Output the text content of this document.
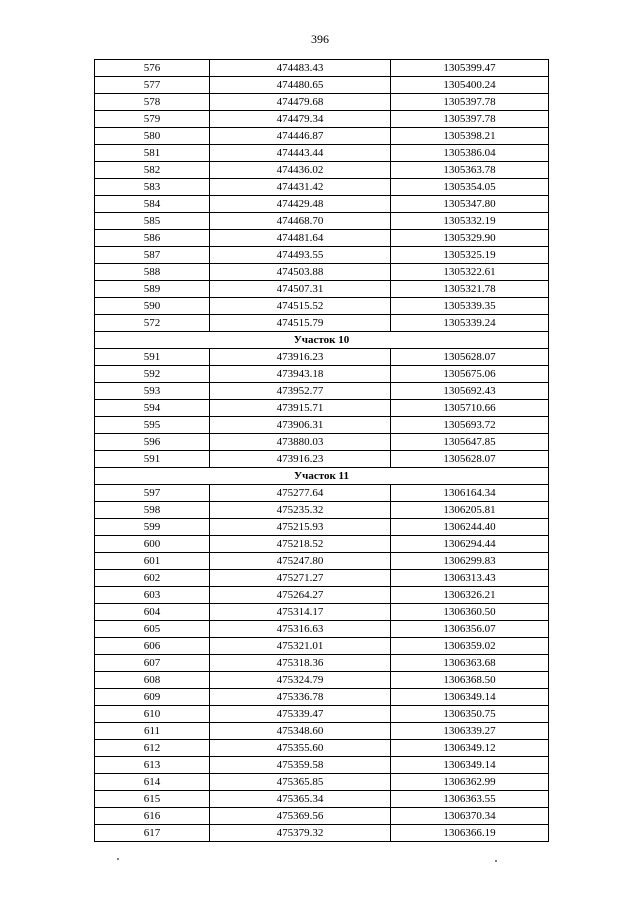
396
576	474483.43	1305399.47
577	474480.65	1305400.24
578	474479.68	1305397.78
579	474479.34	1305397.78
580	474446.87	1305398.21
581	474443.44	1305386.04
582	474436.02	1305363.78
583	474431.42	1305354.05
584	474429.48	1305347.80
585	474468.70	1305332.19
586	474481.64	1305329.90
587	474493.55	1305325.19
588	474503.88	1305322.61
589	474507.31	1305321.78
590	474515.52	1305339.35
572	474515.79	1305339.24
Участок 10		
591	473916.23	1305628.07
592	473943.18	1305675.06
593	473952.77	1305692.43
594	473915.71	1305710.66
595	473906.31	1305693.72
596	473880.03	1305647.85
591	473916.23	1305628.07
Участок 11		
597	475277.64	1306164.34
598	475235.32	1306205.81
599	475215.93	1306244.40
600	475218.52	1306294.44
601	475247.80	1306299.83
602	475271.27	1306313.43
603	475264.27	1306326.21
604	475314.17	1306360.50
605	475316.63	1306356.07
606	475321.01	1306359.02
607	475318.36	1306363.68
608	475324.79	1306368.50
609	475336.78	1306349.14
610	475339.47	1306350.75
611	475348.60	1306339.27
612	475355.60	1306349.12
613	475359.58	1306349.14
614	475365.85	1306362.99
615	475365.34	1306363.55
616	475369.56	1306370.34
617	475379.32	1306366.19
